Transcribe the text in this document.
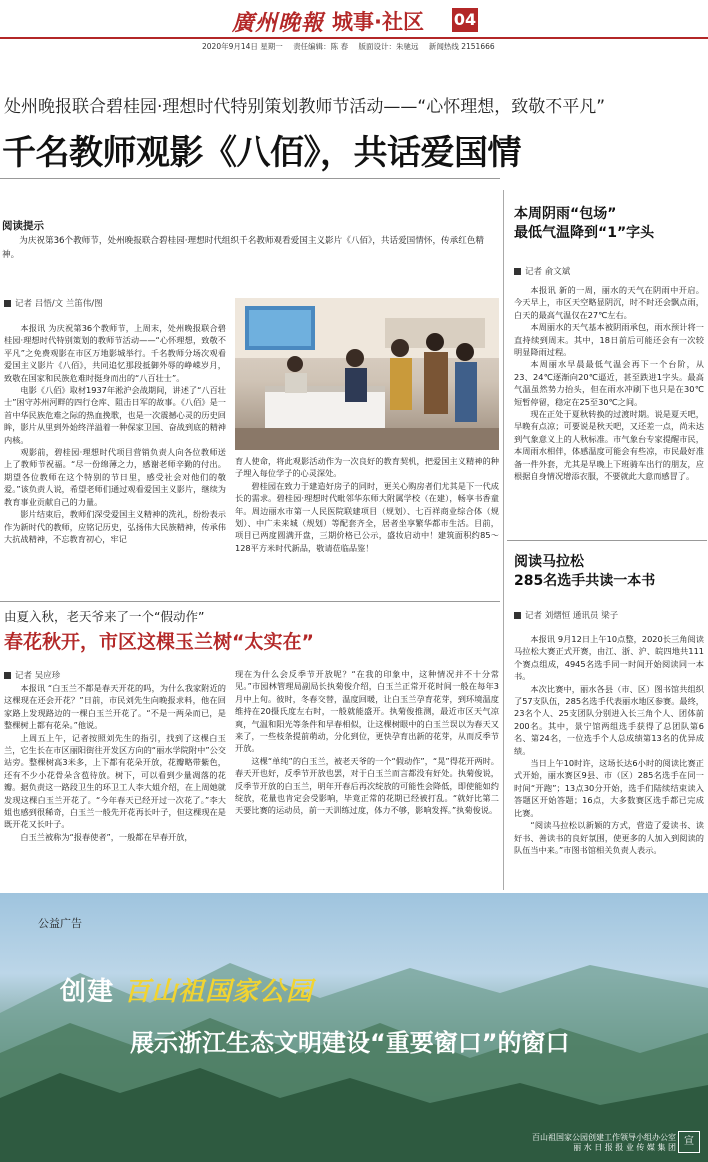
廣州晚報 城事·社区 04
2020年9月14日 星期一 责任编辑：陈 春 版面设计：朱驰远 新闻热线 2151666
处州晚报联合碧桂园·理想时代特别策划教师节活动——“心怀理想，致敬不平凡”
千名教师观影《八佰》，共话爱国情
阅读提示

为庆祝第36个教师节，处州晚报联合碧桂园·理想时代组织千名教师观看爱国主义影片《八佰》，共话爱国情怀，传承红色精神。

记者 吕悟/文 兰笛伟/图

本报讯 为庆祝第36个教师节，上周末，处州晚报联合碧桂园·理想时代特别策划的教师节活动——“心怀理想，致敬不平凡”之免费观影在市区万地影城举行。千名教师分场次观看爱国主义影片《八佰》，共同追忆那段抵御外辱的峥嵘岁月，致敬在国家和民族危难时挺身而出的“八百壮士”。

电影《八佰》取材1937年淞沪会战期间，讲述了“八百壮士”困守苏州河畔的四行仓库、阻击日军的故事。《八佰》是一首中华民族危难之际的热血挽歌，也是一次震撼心灵的历史回眸，影片从里到外始终洋溢着一种保家卫国、奋战到底的精神内核。

观影前，碧桂园·理想时代项目营销负责人向各位教师送上了教师节祝福。“尽一份绵薄之力，感谢老师辛勤的付出。期望各位教师在这个特别的节日里，感受社会对他们的敬爱。”该负责人说，希望老师们通过观看爱国主义影片，继续为教育事业贡献自己的力量。

影片结束后，教师们深受爱国主义精神的洗礼，纷纷表示作为新时代的教师，应铭记历史，弘扬伟大民族精神，传承伟大抗战精神，不忘教育初心，牢记

育人使命，将此观影活动作为一次良好的教育契机，把爱国主义精神的种子埋入每位学子的心灵深处。

碧桂园在致力于建造好房子的同时，更关心购房者们尤其是下一代成长的需求。碧桂园·理想时代毗邻华东师大附属学校（在建），畅享书香童年。周边丽水市第一人民医院联建项目（规划）、七百祥商业综合体（规划）、中广未来城（规划）等配套齐全，居者坐享繁华都市生活。目前，项目已两度圆满开盘，三期价格已公示，盛妆启动中！建筑面积约85～128平方米时代新品，敬请莅临品鉴！

由夏入秋，老天爷来了一个“假动作”
春花秋开，市区这棵玉兰树“太实在”
记者 吴应珍

本报讯 “白玉兰不都是春天开花的吗，为什么我家附近的这棵现在还会开花？”日前，市民刘先生向晚报求料，他在回家路上发现路边的一棵白玉兰开花了。“不是一两朵而已，是整棵树上都有花朵。”他说。

上周五上午，记者按照刘先生的指引，找到了这棵白玉兰，它生长在市区丽阳街往开发区方向的“丽水学院附中”公交站旁。整棵树高3米多，上下都有花朵开放，花瓣略带紫色，还有不少小花骨朵含苞待放。树下，可以看到少量凋落的花瓣。据负责这一路段卫生的环卫工人李大姐介绍，在上周她就发现这棵白玉兰开花了。“今年春天已经开过一次花了。”李大姐也感到很稀奇，白玉兰一般先开花再长叶子，但这棵现在是既开花又长叶子。

白玉兰被称为“报春使者”，一般都在早春开放，

现在为什么会反季节开放呢？“在我的印象中，这种情况并不十分常见。”市园林管理局副局长执菊俊介绍，白玉兰正常开花时间一般在每年3月中上旬。彼时，冬春交替，温度回暖，让白玉兰孕育花芽，到环境温度维持在20摄氏度左右时，一般就能盛开。执菊俊推测，最近市区天气凉爽，气温和阳光等条件和早春相似，让这棵树眼中的白玉兰误以为春天又来了，一些枝条提前萌动，分化到位，更快孕育出新的花芽，从而反季节开放。

这棵“单纯”的白玉兰，被老天爷的一个“假动作”，“晃”得花开两时。春天开也好，反季节开放也罢，对于白玉兰而言都没有好处。执菊俊说，反季节开放的白玉兰，明年开春后再次绽放的可能性会降低，即使能如约绽放，花量也肯定会受影响，毕竟正常的花期已经被打乱。“就好比第二天要比赛的运动员，前一天训练过度，体力不够，影响发挥。”执菊俊说。

本周阴雨“包场”
最低气温降到“1”字头
记者 俞文斌

本报讯 新的一周，丽水的天气在阴雨中开启。今天早上，市区天空略显阴沉，时不时还会飘点雨，白天的最高气温仅在27℃左右。

本周丽水的天气基本被阴雨承包，雨水预计将一直持续到周末。其中，18日前后可能还会有一次较明显降雨过程。

本周丽水早晨最低气温会再下一个台阶，从23、24℃逐渐向20℃逼近，甚至跌进1字头。最高气温虽然势力抬头，但在雨水冲刷下也只是在30℃短暂停留，稳定在25至30℃之间。

现在正处于夏秋转换的过渡时期。说是夏天吧，早晚有点凉；可要说是秋天吧，又还差一点，尚未达到气象意义上的人秋标准。市气象台专家提醒市民，本周雨水相伴，体感温度可能会有些凉，市民最好准备一件外套，尤其是早晚上下班骑车出行的朋友，应根据自身情况增添衣服，不要就此大意而感冒了。

阅读马拉松
285名选手共读一本书
记者 刘熠恒 通讯员 梁子

本报讯 9月12日上午10点整，2020长三角阅读马拉松大赛正式开赛，由江、浙、沪、皖四地共111个赛点组成，4945名选手同一时间开始阅读同一本书。

本次比赛中，丽水各县（市、区）图书馆共组织了57支队伍，285名选手代表丽水地区参赛。最终，23名个人、25支团队分别进入长三角个人、团体前200名。其中，景宁馆两组选手获得了总团队第6名、第24名，一位选手个人总成绩第13名的优异成绩。

当日上午10时许，这场长达6小时的阅读比赛正式开始，丽水赛区9县、市（区）285名选手在同一时间“开跑”；13点30分开始，选手们陆续结束读入答题区开始答题；16点，大多数赛区选手都已完成比赛。

“阅读马拉松以新颖的方式，营造了爱读书、读好书、善读书的良好氛围，使更多的人加入到阅读的队伍当中来。”市图书馆相关负责人表示。

公益广告
创建 百山祖国家公园
展示浙江生态文明建设“重要窗口”的窗口
百山祖国家公园创建工作领导小组办公室
丽 水 日 报 报 业 传 媒 集 团
宣
